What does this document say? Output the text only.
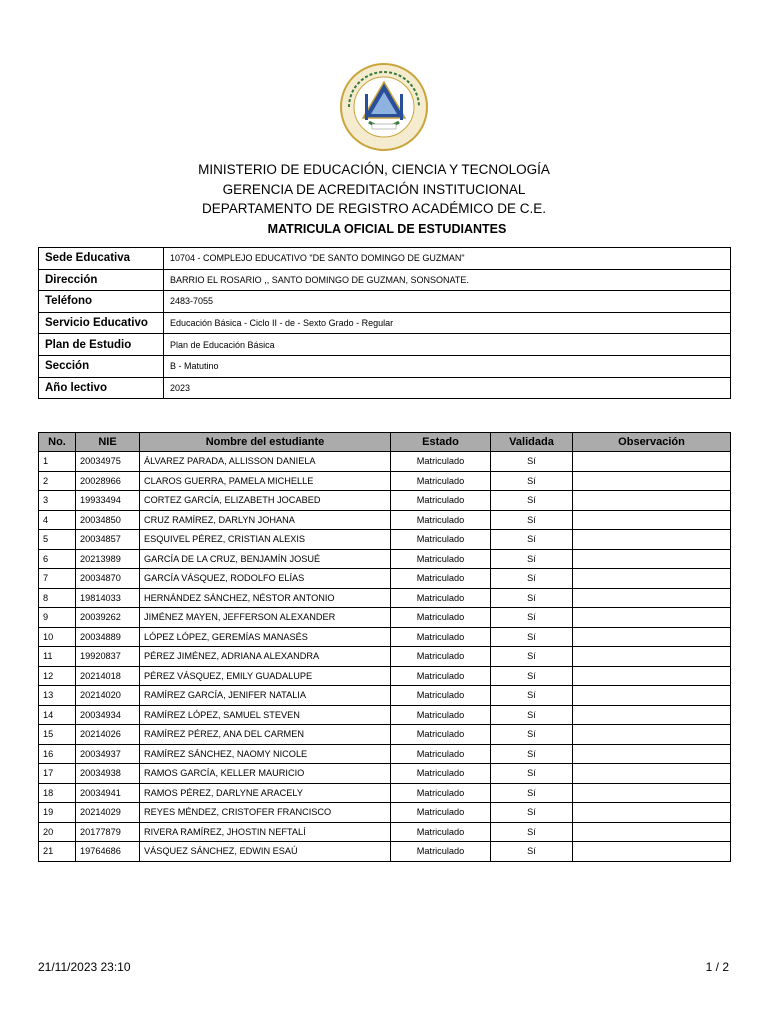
MINISTERIO DE EDUCACIÓN, CIENCIA Y TECNOLOGÍA
GERENCIA DE ACREDITACIÓN INSTITUCIONAL
DEPARTAMENTO DE REGISTRO ACADÉMICO DE C.E.
MATRICULA OFICIAL DE ESTUDIANTES
Sede Educativa	10704 - COMPLEJO EDUCATIVO "DE SANTO DOMINGO DE GUZMAN"
Dirección	BARRIO EL ROSARIO ,, SANTO DOMINGO DE GUZMAN, SONSONATE.
Teléfono	2483-7055
Servicio Educativo	Educación Básica - Ciclo II - de - Sexto Grado - Regular
Plan de Estudio	Plan de Educación Básica
Sección	B - Matutino
Año lectivo	2023
No.	NIE	Nombre del estudiante	Estado	Validada	Observación
1	20034975	ÁLVAREZ PARADA, ALLISSON DANIELA	Matriculado	Sí	
2	20028966	CLAROS GUERRA, PAMELA MICHELLE	Matriculado	Sí	
3	19933494	CORTEZ GARCÍA, ELIZABETH JOCABED	Matriculado	Sí	
4	20034850	CRUZ RAMÍREZ, DARLYN JOHANA	Matriculado	Sí	
5	20034857	ESQUIVEL PÉREZ, CRISTIAN ALEXIS	Matriculado	Sí	
6	20213989	GARCÍA DE LA CRUZ, BENJAMÍN JOSUÉ	Matriculado	Sí	
7	20034870	GARCÍA VÁSQUEZ, RODOLFO ELÍAS	Matriculado	Sí	
8	19814033	HERNÁNDEZ SÁNCHEZ, NÉSTOR ANTONIO	Matriculado	Sí	
9	20039262	JIMÉNEZ MAYEN, JEFFERSON ALEXANDER	Matriculado	Sí	
10	20034889	LÓPEZ LÓPEZ, GEREMÍAS MANASÉS	Matriculado	Sí	
11	19920837	PÉREZ JIMÉNEZ, ADRIANA ALEXANDRA	Matriculado	Sí	
12	20214018	PÉREZ VÁSQUEZ, EMILY GUADALUPE	Matriculado	Sí	
13	20214020	RAMÍREZ GARCÍA, JENIFER NATALIA	Matriculado	Sí	
14	20034934	RAMÍREZ LÓPEZ, SAMUEL STEVEN	Matriculado	Sí	
15	20214026	RAMÍREZ PÉREZ, ANA DEL CARMEN	Matriculado	Sí	
16	20034937	RAMÍREZ SÁNCHEZ, NAOMY NICOLE	Matriculado	Sí	
17	20034938	RAMOS GARCÍA, KELLER MAURICIO	Matriculado	Sí	
18	20034941	RAMOS PÉREZ, DARLYNE ARACELY	Matriculado	Sí	
19	20214029	REYES MÉNDEZ, CRISTOFER FRANCISCO	Matriculado	Sí	
20	20177879	RIVERA RAMÍREZ, JHOSTIN NEFTALÍ	Matriculado	Sí	
21	19764686	VÁSQUEZ SÁNCHEZ, EDWIN ESAÚ	Matriculado	Sí	
21/11/2023 23:10	1 / 2
